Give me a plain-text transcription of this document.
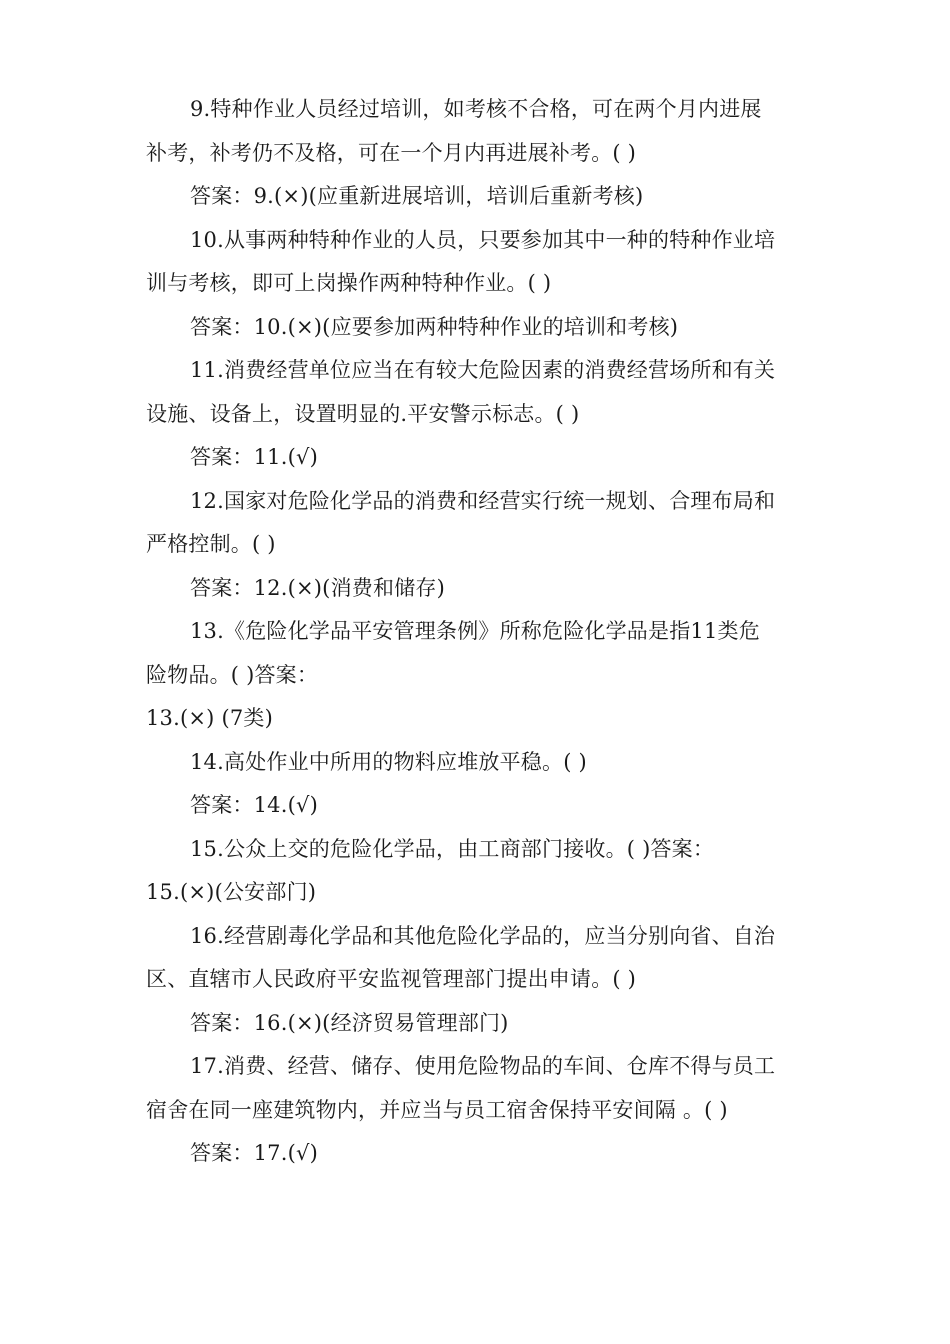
9.特种作业人员经过培训，如考核不合格，可在两个月内进展
补考，补考仍不及格，可在一个月内再进展补考。( )
答案：9.(×)(应重新进展培训，培训后重新考核)
10.从事两种特种作业的人员，只要参加其中一种的特种作业培
训与考核，即可上岗操作两种特种作业。( )
答案：10.(×)(应要参加两种特种作业的培训和考核)
11.消费经营单位应当在有较大危险因素的消费经营场所和有关
设施、设备上，设置明显的.平安警示标志。( )
答案：11.(√)
12.国家对危险化学品的消费和经营实行统一规划、合理布局和
严格控制。( )
答案：12.(×)(消费和储存)
13.《危险化学品平安管理条例》所称危险化学品是指11类危
险物品。( )答案：
13.(×) (7类)
14.高处作业中所用的物料应堆放平稳。( )
答案：14.(√)
15.公众上交的危险化学品，由工商部门接收。( )答案：
15.(×)(公安部门)
16.经营剧毒化学品和其他危险化学品的，应当分别向省、自治
区、直辖市人民政府平安监视管理部门提出申请。( )
答案：16.(×)(经济贸易管理部门)
17.消费、经营、储存、使用危险物品的车间、仓库不得与员工
宿舍在同一座建筑物内，并应当与员工宿舍保持平安间隔 。( )
答案：17.(√)
